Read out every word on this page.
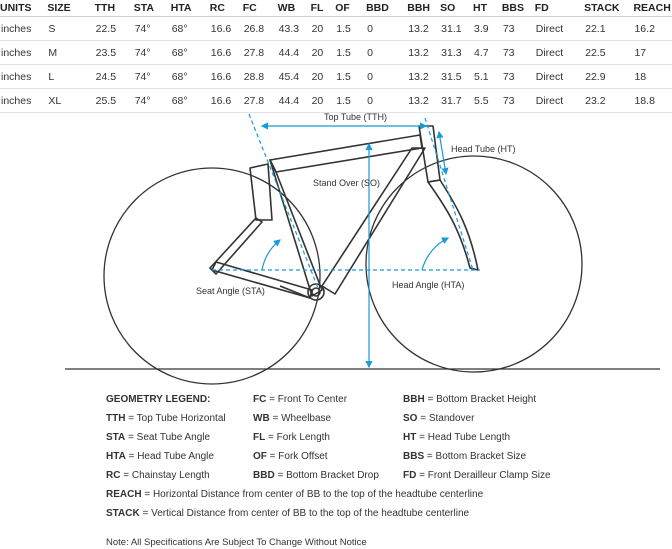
UNITS	SIZE	TTH	STA	HTA	RC	FC	WB	FL	OF	BBD	BBH	SO	HT	BBS	FD	STACK	REACH
inches	S	22.5	74°	68°	16.6	26.8	43.3	20	1.5	0	13.2	31.1	3.9	73	Direct	22.1	16.2
inches	M	23.5	74°	68°	16.6	27.8	44.4	20	1.5	0	13.2	31.3	4.7	73	Direct	22.5	17
inches	L	24.5	74°	68°	16.6	28.8	45.4	20	1.5	0	13.2	31.5	5.1	73	Direct	22.9	18
inches	XL	25.5	74°	68°	16.6	27.8	44.4	20	1.5	0	13.2	31.7	5.5	73	Direct	23.2	18.8
Top Tube (TTH)
Head Tube (HT)
Stand Over (SO)
Seat Angle (STA)
Head Angle (HTA)
GEOMETRY LEGEND:
TTH = Top Tube Horizontal
STA = Seat Tube Angle
HTA = Head Tube Angle
RC = Chainstay Length
FC = Front To Center
WB = Wheelbase
FL = Fork Length
OF = Fork Offset
BBD = Bottom Bracket Drop
BBH = Bottom Bracket Height
SO = Standover
HT = Head Tube Length
BBS = Bottom Bracket Size
FD = Front Derailleur Clamp Size
REACH = Horizontal Distance from center of BB to the top of the headtube centerline
STACK = Vertical Distance from center of BB to the top of the headtube centerline
Note: All Specifications Are Subject To Change Without Notice
